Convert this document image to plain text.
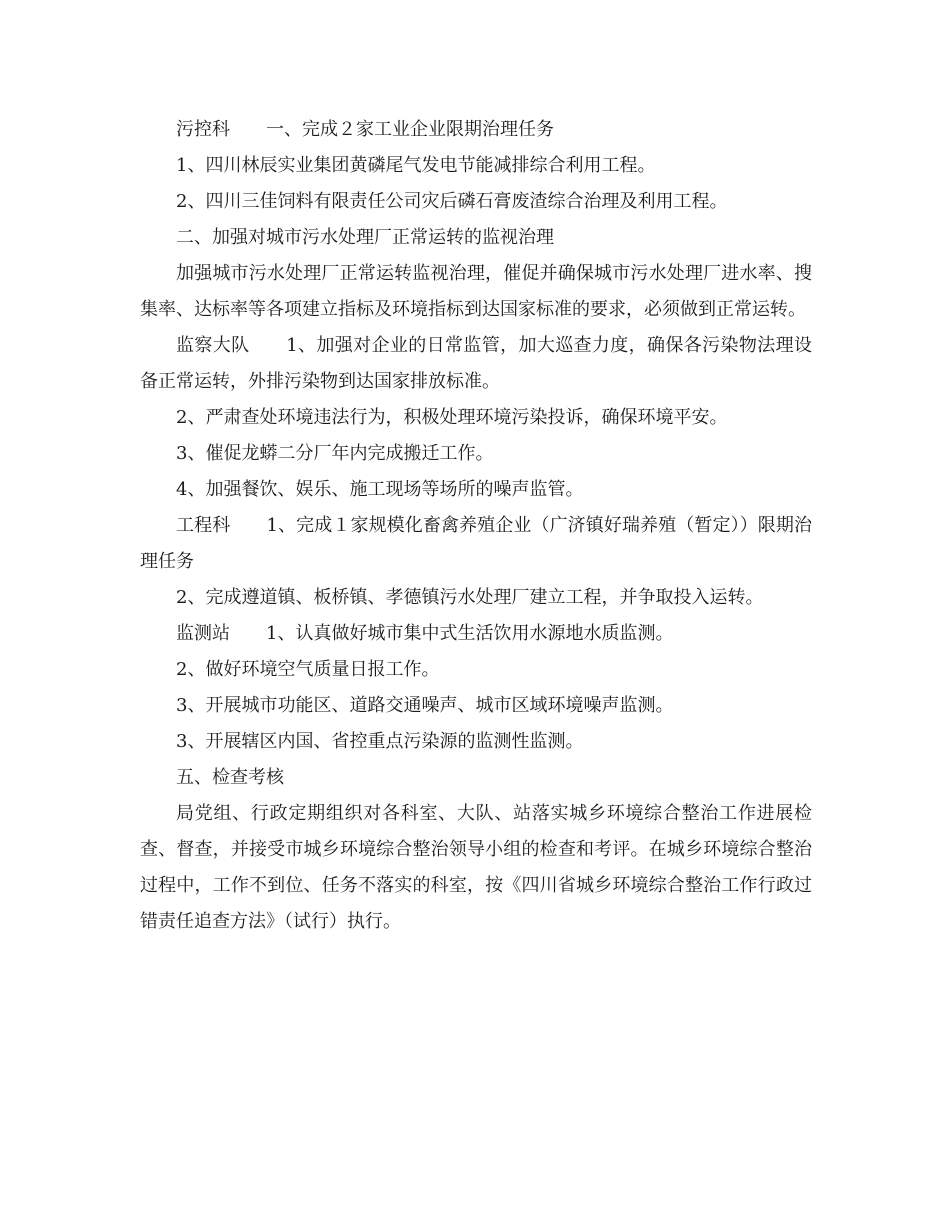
污控科　　一、完成２家工业企业限期治理任务

1、四川林辰实业集团黄磷尾气发电节能减排综合利用工程。

2、四川三佳饲料有限责任公司灾后磷石膏废渣综合治理及利用工程。

二、加强对城市污水处理厂正常运转的监视治理

加强城市污水处理厂正常运转监视治理，催促并确保城市污水处理厂进水率、搜集率、达标率等各项建立指标及环境指标到达国家标准的要求，必须做到正常运转。

监察大队　　1、加强对企业的日常监管，加大巡查力度，确保各污染物法理设备正常运转，外排污染物到达国家排放标准。

2、严肃查处环境违法行为，积极处理环境污染投诉，确保环境平安。

3、催促龙蟒二分厂年内完成搬迁工作。

4、加强餐饮、娱乐、施工现场等场所的噪声监管。

工程科　　1、完成１家规模化畜禽养殖企业（广济镇好瑞养殖（暂定））限期治理任务

2、完成遵道镇、板桥镇、孝德镇污水处理厂建立工程，并争取投入运转。

监测站　　1、认真做好城市集中式生活饮用水源地水质监测。

2、做好环境空气质量日报工作。

3、开展城市功能区、道路交通噪声、城市区域环境噪声监测。

3、开展辖区内国、省控重点污染源的监测性监测。

五、检查考核

局党组、行政定期组织对各科室、大队、站落实城乡环境综合整治工作进展检查、督查，并接受市城乡环境综合整治领导小组的检查和考评。在城乡环境综合整治过程中，工作不到位、任务不落实的科室，按《四川省城乡环境综合整治工作行政过错责任追查方法》（试行）执行。
